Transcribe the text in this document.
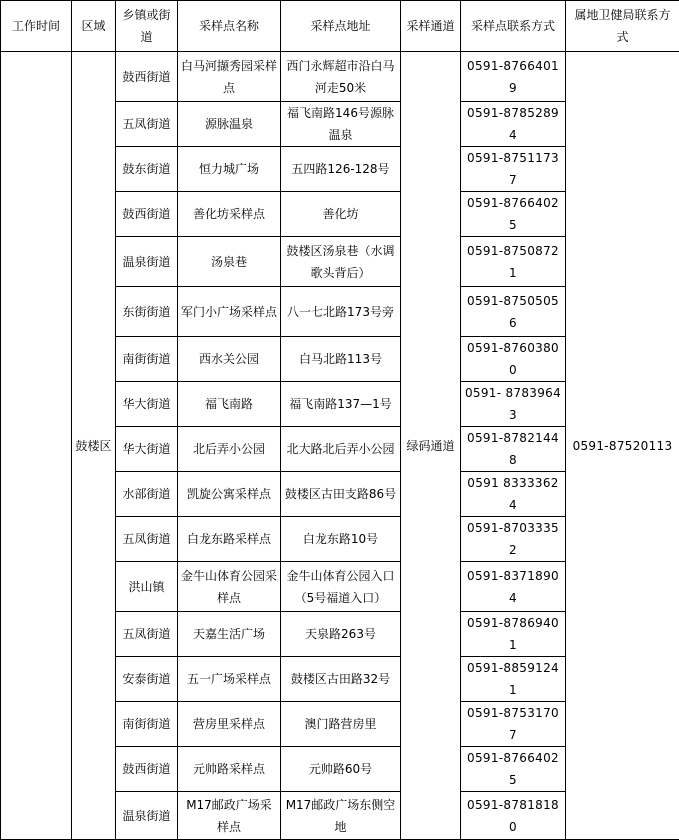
工作时间	区域	乡镇或街道	采样点名称	采样点地址	采样通道	采样点联系方式	属地卫健局联系方式
	鼓楼区	鼓西街道	白马河撷秀园采样点	西门永辉超市沿白马河走50米	绿码通道	0591-87664019	0591-87520113
		五凤街道	源脉温泉	福飞南路146号源脉温泉		0591-87852894	
		鼓东街道	恒力城广场	五四路126-128号		0591-87511737	
		鼓西街道	善化坊采样点	善化坊		0591-87664025	
		温泉街道	汤泉巷	鼓楼区汤泉巷（水调歌头背后）		0591-87508721	
		东街街道	军门小广场采样点	八一七北路173号旁		0591-87505056	
		南街街道	西水关公园	白马北路113号		0591-87603800	
		华大街道	福飞南路	福飞南路137—1号		0591- 87839643	
		华大街道	北后弄小公园	北大路北后弄小公园		0591-87821448	
		水部街道	凯旋公寓采样点	鼓楼区古田支路86号		0591 83333624	
		五凤街道	白龙东路采样点	白龙东路10号		0591-87033352	
		洪山镇	金牛山体育公园采样点	金牛山体育公园入口（5号福道入口）		0591-83718904	
		五凤街道	天嘉生活广场	天泉路263号		0591-87869401	
		安泰街道	五一广场采样点	鼓楼区古田路32号		0591-88591241	
		南街街道	营房里采样点	澳门路营房里		0591-87531707	
		鼓西街道	元帅路采样点	元帅路60号		0591-87664025	
		温泉街道	M17邮政广场采样点	M17邮政广场东侧空地		0591-87818180	
